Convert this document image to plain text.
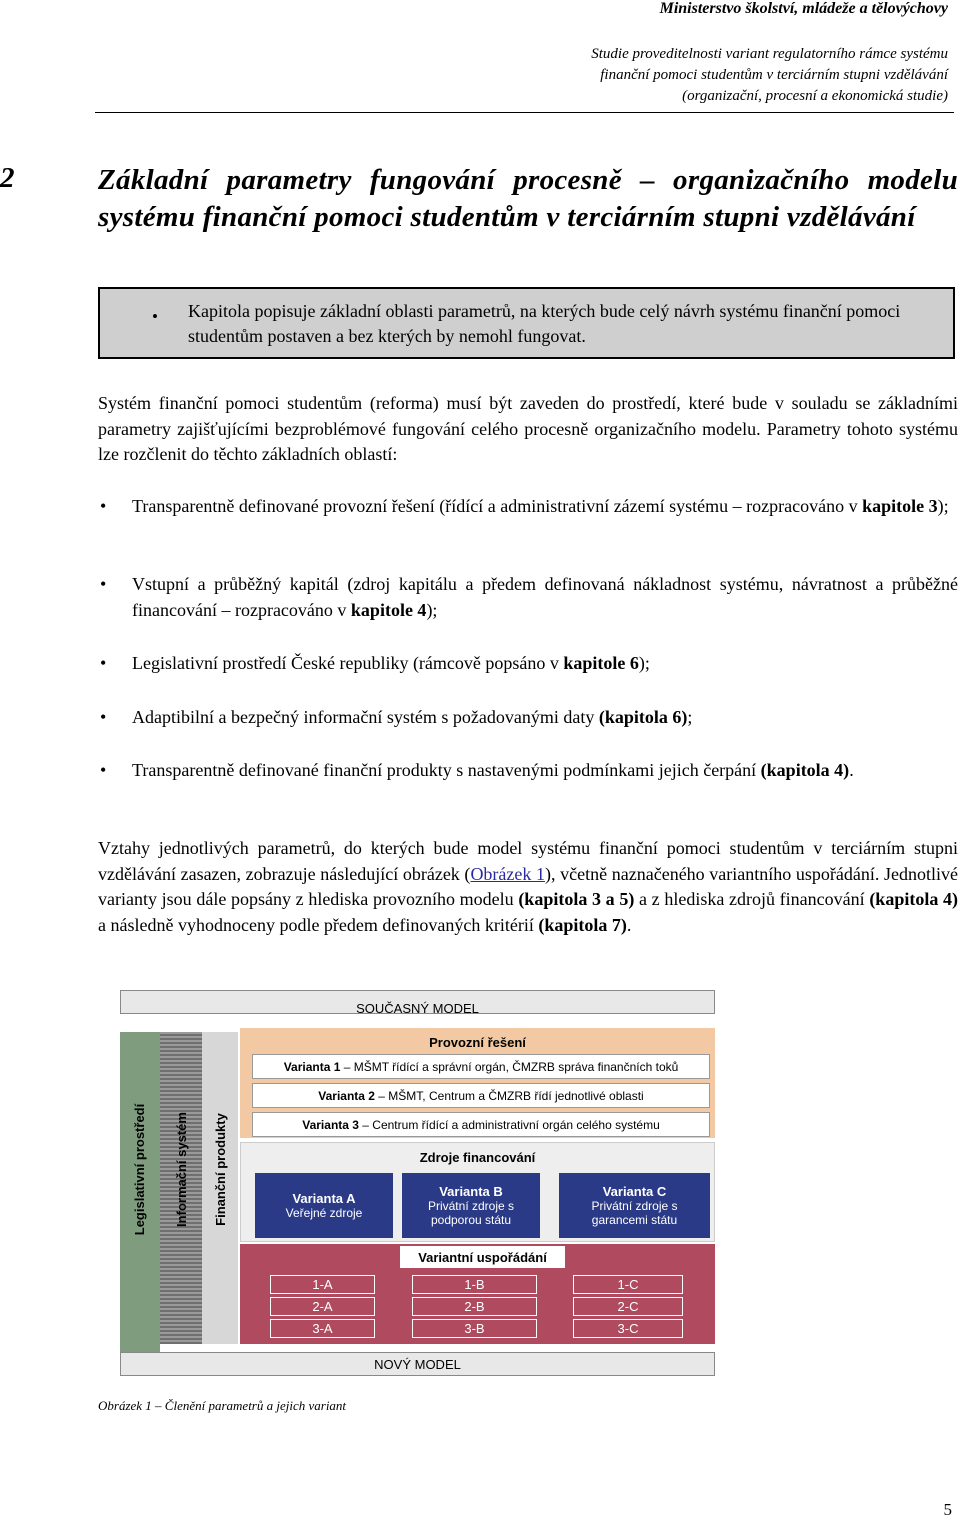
Ministerstvo školství, mládeže a tělovýchovy
Studie proveditelnosti variant regulatorního rámce systému
finanční pomoci studentům v terciárním stupni vzdělávání
(organizační, procesní a ekonomická studie)
2	Základní parametry fungování procesně – organizačního modelu systému finanční pomoci studentům v terciárním stupni vzdělávání
• Kapitola popisuje základní oblasti parametrů, na kterých bude celý návrh systému finanční pomoci studentům postaven a bez kterých by nemohl fungovat.
Systém finanční pomoci studentům (reforma) musí být zaveden do prostředí, které bude v souladu se základními parametry zajišťujícími bezproblémové fungování celého procesně organizačního modelu. Parametry tohoto systému lze rozčlenit do těchto základních oblastí:
• Transparentně definované provozní řešení (řídící a administrativní zázemí systému – rozpracováno v kapitole 3);
• Vstupní a průběžný kapitál (zdroj kapitálu a předem definovaná nákladnost systému, návratnost a průběžné financování – rozpracováno v kapitole 4);
• Legislativní prostředí České republiky (rámcově popsáno v kapitole 6);
• Adaptibilní a bezpečný informační systém s požadovanými daty (kapitola 6);
• Transparentně definované finanční produkty s nastavenými podmínkami jejich čerpání (kapitola 4).
Vztahy jednotlivých parametrů, do kterých bude model systému finanční pomoci studentům v terciárním stupni vzdělávání zasazen, zobrazuje následující obrázek (Obrázek 1), včetně naznačeného variantního uspořádání. Jednotlivé varianty jsou dále popsány z hlediska provozního modelu (kapitola 3 a 5) a z hlediska zdrojů financování (kapitola 4) a následně vyhodnoceny podle předem definovaných kritérií (kapitola 7).
SOUČASNÝ MODEL
Legislativní prostředí Informační systém Finanční produkty
Provozní řešení
Varianta 1 – MŠMT řídící a správní orgán, ČMZRB správa finančních toků
Varianta 2 – MŠMT, Centrum a ČMZRB řídí jednotlivé oblasti
Varianta 3 – Centrum řídící a administrativní orgán celého systému
Zdroje financování
Varianta A
Veřejné zdroje
Varianta B
Privátní zdroje s podporou státu
Varianta C
Privátní zdroje s garancemi státu
Variantní
uspořádání
1-A	1-B	1-C
2-A	2-B	2-C
3-A	3-B	3-C
NOVÝ MODEL
Obrázek 1 – Členění parametrů a jejich variant
5
